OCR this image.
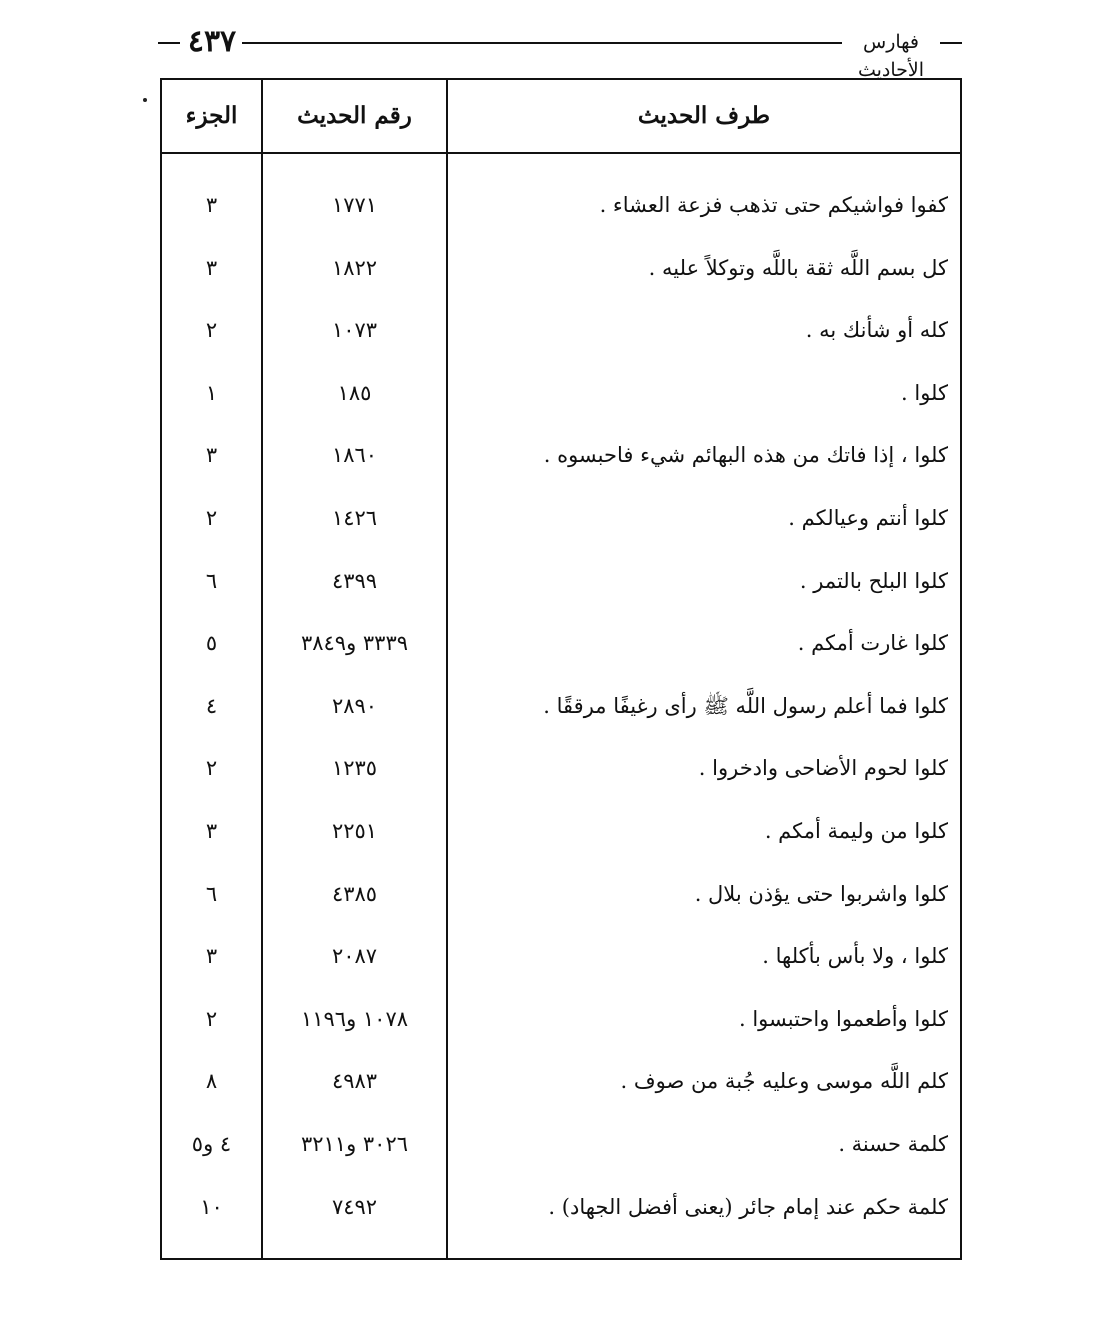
٤٣٧	فهارس الأحاديث
طرف الحديث
رقم الحديث
الجزء
كفوا فواشيكم حتى تذهب فزعة العشاء .
١٧٧١
٣
كل بسم اللَّه ثقة باللَّه وتوكلاً عليه .
١٨٢٢
٣
كله أو شأنك به .
١٠٧٣
٢
كلوا .
١٨٥
١
كلوا ، إذا فاتك من هذه البهائم شيء فاحبسوه .
١٨٦٠
٣
كلوا أنتم وعيالكم .
١٤٢٦
٢
كلوا البلح بالتمر .
٤٣٩٩
٦
كلوا غارت أمكم .
٣٣٣٩ و٣٨٤٩
٥
كلوا فما أعلم رسول اللَّه ﷺ رأى رغيفًا مرققًا .
٢٨٩٠
٤
كلوا لحوم الأضاحى وادخروا .
١٢٣٥
٢
كلوا من وليمة أمكم .
٢٢٥١
٣
كلوا واشربوا حتى يؤذن بلال .
٤٣٨٥
٦
كلوا ، ولا بأس بأكلها .
٢٠٨٧
٣
كلوا وأطعموا واحتبسوا .
١٠٧٨ و١١٩٦
٢
كلم اللَّه موسى وعليه جُبة من صوف .
٤٩٨٣
٨
كلمة حسنة .
٣٠٢٦ و٣٢١١
٤ و٥
كلمة حكم عند إمام جائر (يعنى أفضل الجهاد) .
٧٤٩٢
١٠
